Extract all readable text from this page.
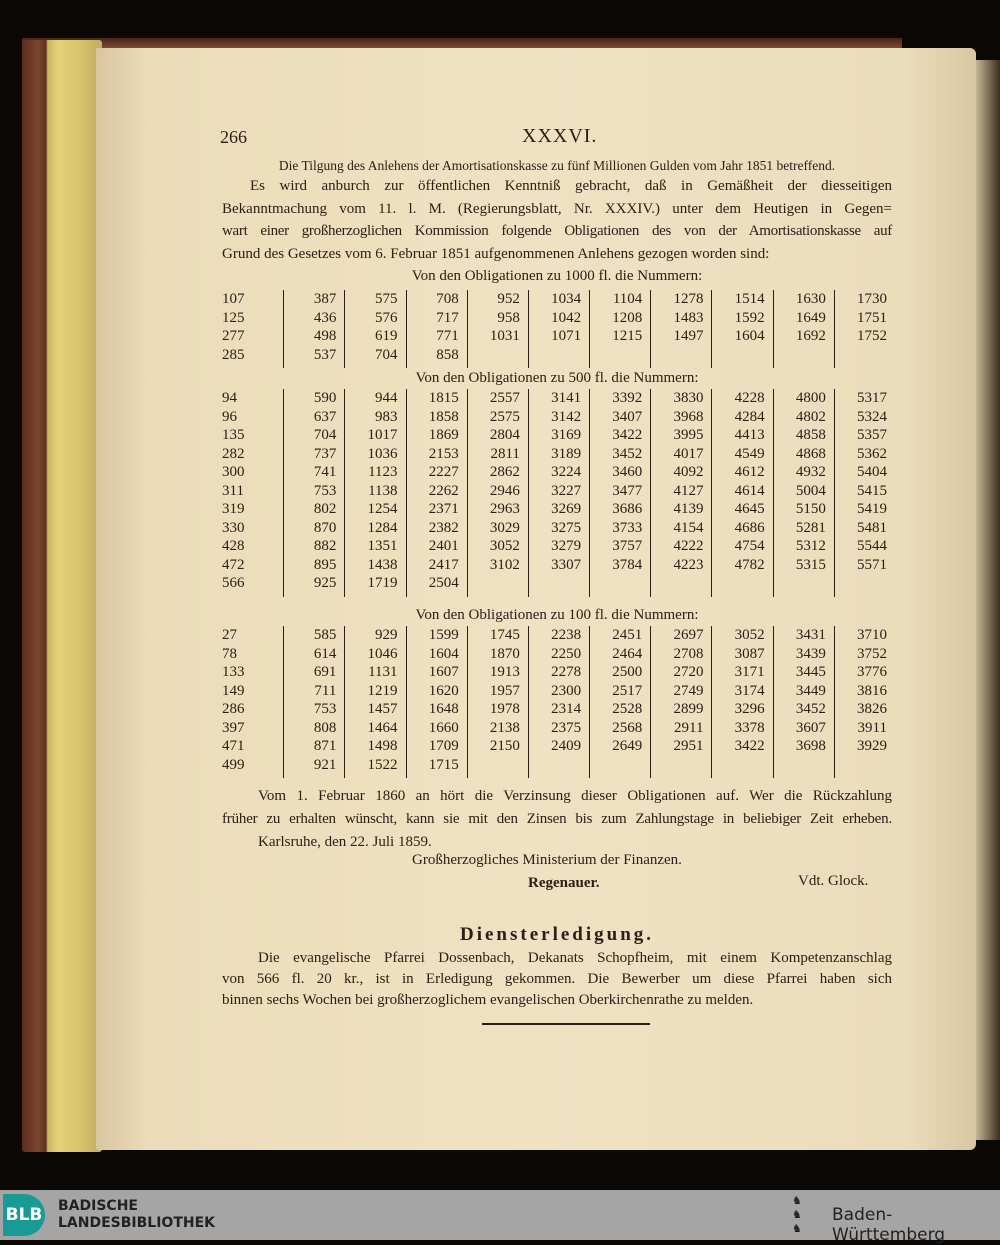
266	XXXVI.
Die Tilgung des Anlehens der Amortisationskasse zu fünf Millionen Gulden vom Jahr 1851 betreffend.
Es wird anburch zur öffentlichen Kenntniß gebracht, daß in Gemäßheit der diesseitigen
Bekanntmachung vom 11. l. M. (Regierungsblatt, Nr. XXXIV.) unter dem Heutigen in Gegen=
wart einer großherzoglichen Kommission folgende Obligationen des von der Amortisationskasse auf
Grund des Gesetzes vom 6. Februar 1851 aufgenommenen Anlehens gezogen worden sind:
Von den Obligationen zu 1000 fl. die Nummern:
107
125
277
285
387
436
498
537
575
576
619
704
708
717
771
858
952
958
1031
1034
1042
1071
1104
1208
1215
1278
1483
1497
1514
1592
1604
1630
1649
1692
1730
1751
1752
Von den Obligationen zu 500 fl. die Nummern:
94
96
135
282
300
311
319
330
428
472
566
590
637
704
737
741
753
802
870
882
895
925
944
983
1017
1036
1123
1138
1254
1284
1351
1438
1719
1815
1858
1869
2153
2227
2262
2371
2382
2401
2417
2504
2557
2575
2804
2811
2862
2946
2963
3029
3052
3102
3141
3142
3169
3189
3224
3227
3269
3275
3279
3307
3392
3407
3422
3452
3460
3477
3686
3733
3757
3784
3830
3968
3995
4017
4092
4127
4139
4154
4222
4223
4228
4284
4413
4549
4612
4614
4645
4686
4754
4782
4800
4802
4858
4868
4932
5004
5150
5281
5312
5315
5317
5324
5357
5362
5404
5415
5419
5481
5544
5571
Von den Obligationen zu 100 fl. die Nummern:
27
78
133
149
286
397
471
499
585
614
691
711
753
808
871
921
929
1046
1131
1219
1457
1464
1498
1522
1599
1604
1607
1620
1648
1660
1709
1715
1745
1870
1913
1957
1978
2138
2150
2238
2250
2278
2300
2314
2375
2409
2451
2464
2500
2517
2528
2568
2649
2697
2708
2720
2749
2899
2911
2951
3052
3087
3171
3174
3296
3378
3422
3431
3439
3445
3449
3452
3607
3698
3710
3752
3776
3816
3826
3911
3929
Vom 1. Februar 1860 an hört die Verzinsung dieser Obligationen auf. Wer die Rückzahlung
früher zu erhalten wünscht, kann sie mit den Zinsen bis zum Zahlungstage in beliebiger Zeit erheben.
Karlsruhe, den 22. Juli 1859.
Großherzogliches Ministerium der Finanzen.
Regenauer.	Vdt. Glock.
Diensterledigung.
Die evangelische Pfarrei Dossenbach, Dekanats Schopfheim, mit einem Kompetenzanschlag
von 566 fl. 20 kr., ist in Erledigung gekommen. Die Bewerber um diese Pfarrei haben sich
binnen sechs Wochen bei großherzoglichem evangelischen Oberkirchenrathe zu melden.
BLB BADISCHE
LANDESBIBLIOTHEK
♞
♞
♞
Baden-Württemberg
